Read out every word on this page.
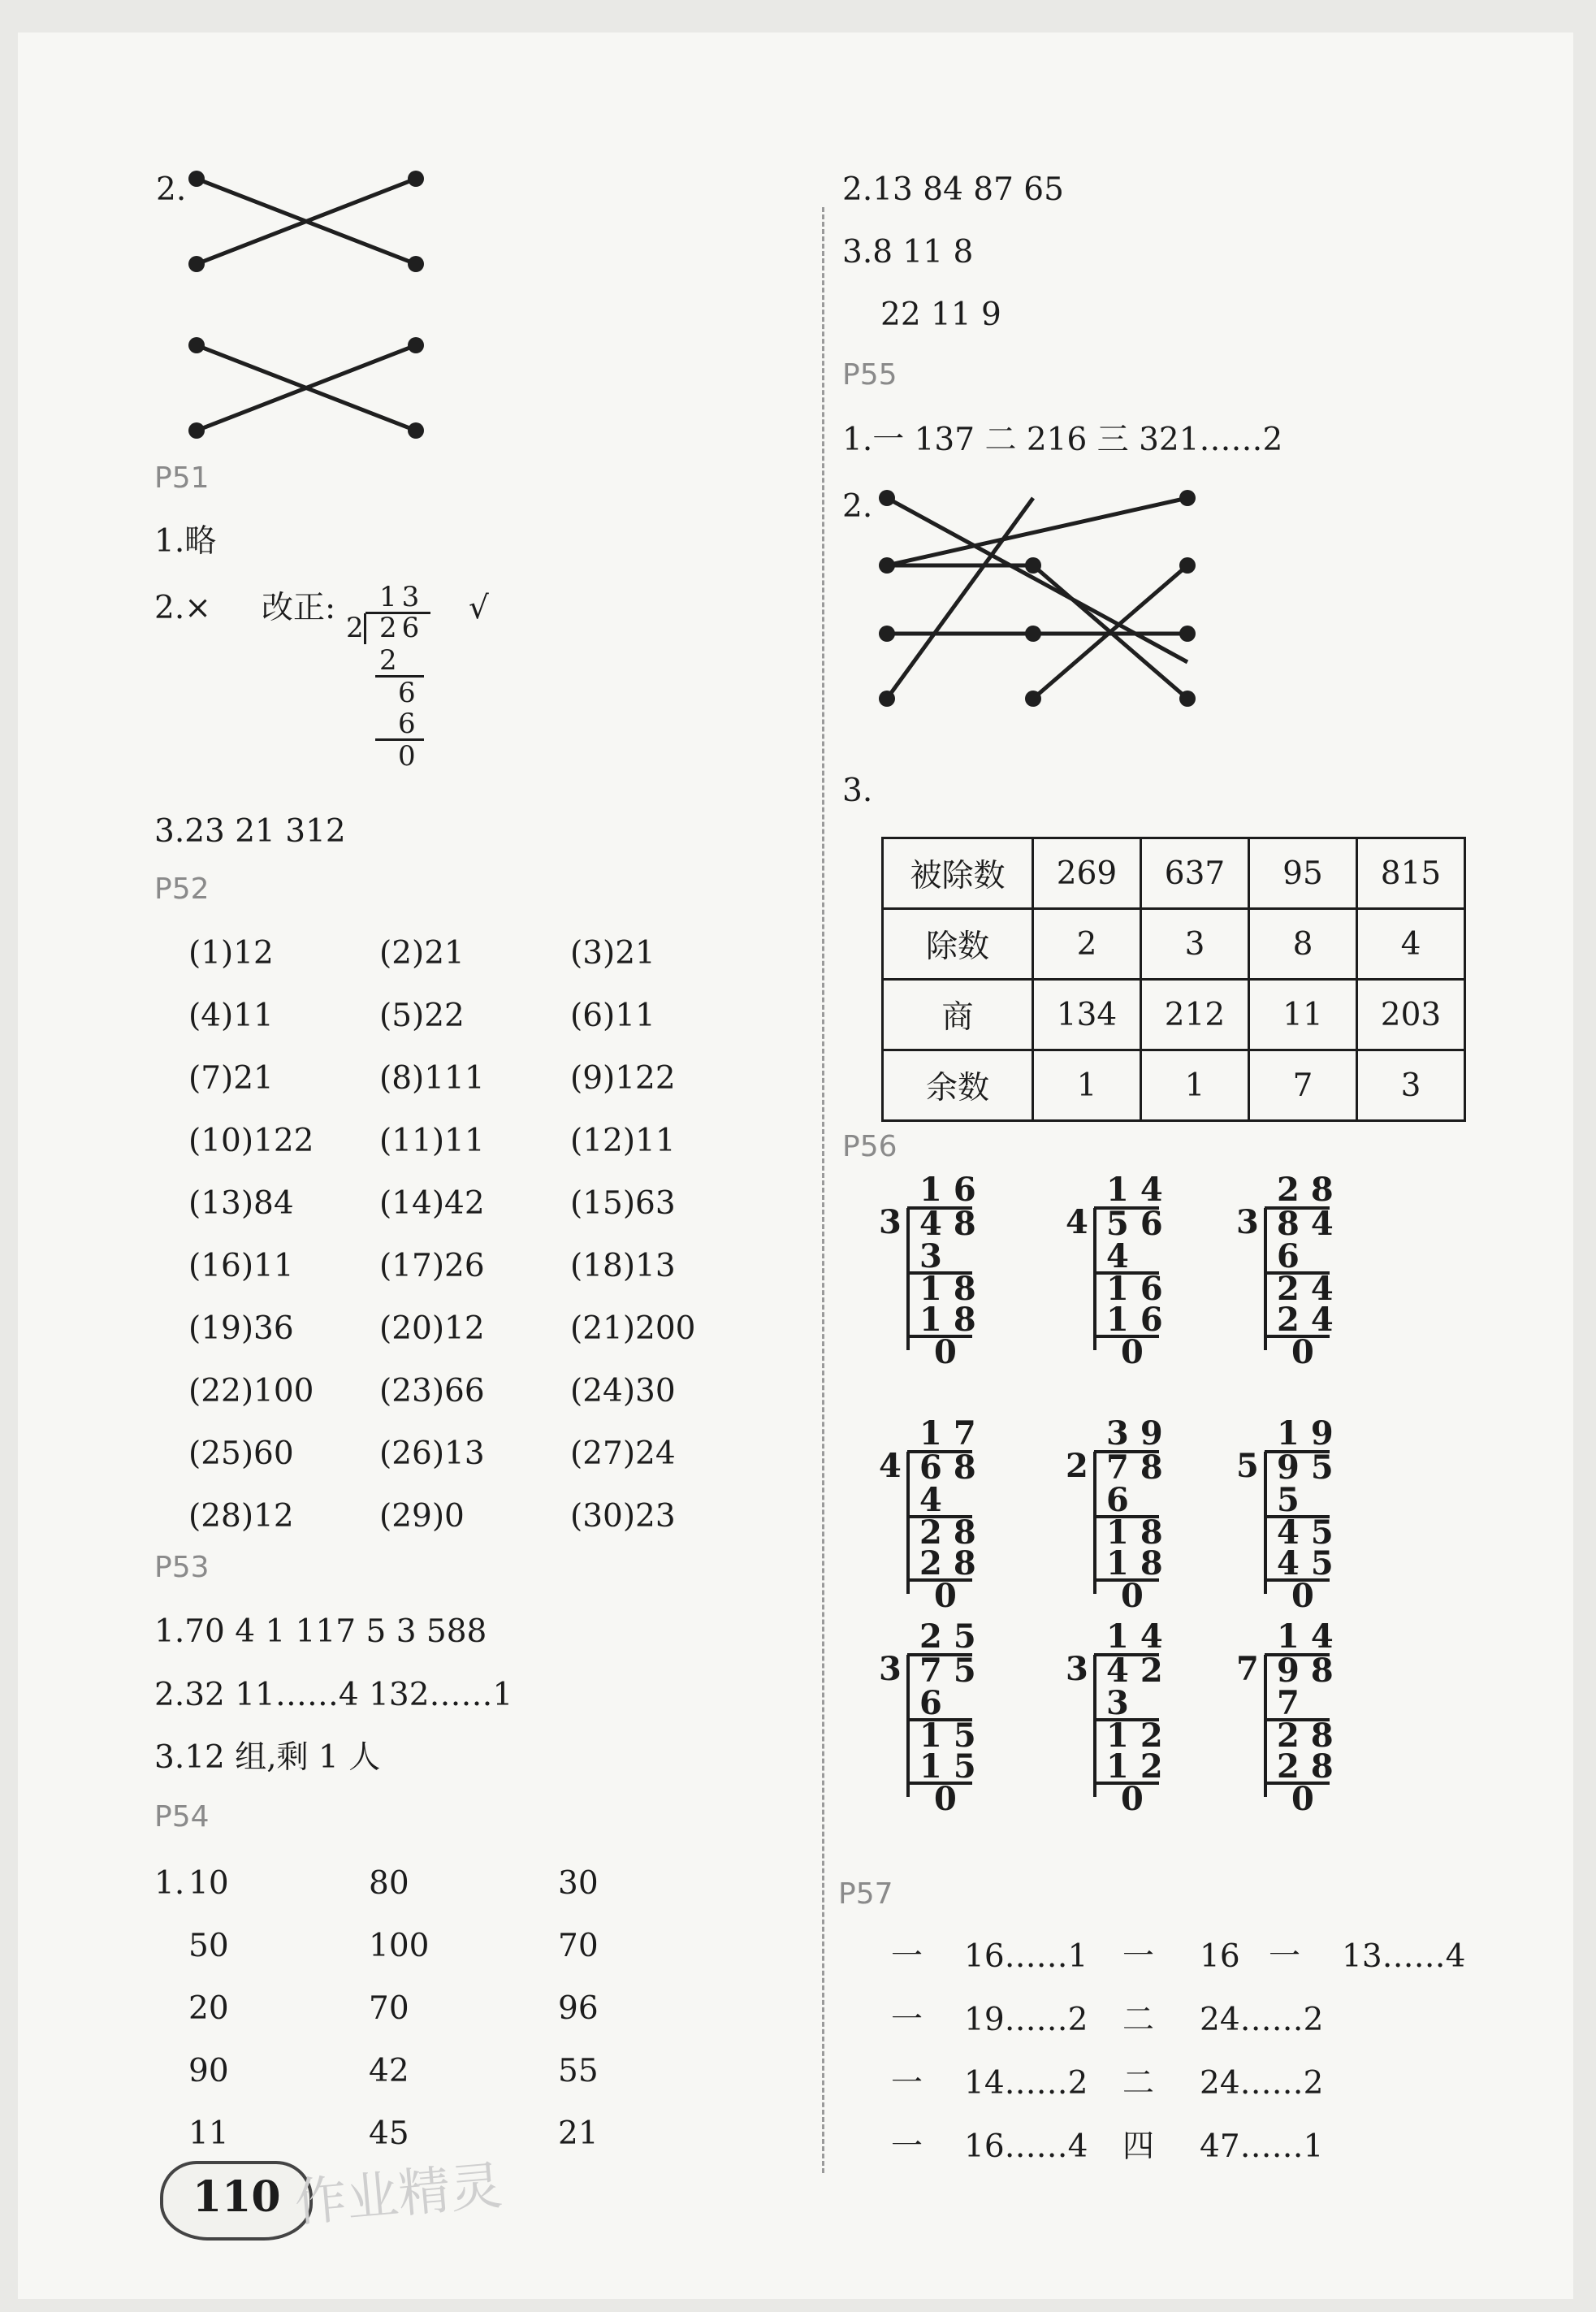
2.
P51
1.略
2.× 改正:	√
13
2 26
2
6
6
0
3.23 21 312
P52
(1)12	(2)21	(3)21
(4)11	(5)22	(6)11
(7)21	(8)111	(9)122
(10)122 (11)11	(12)11
(13)84	(14)42	(15)63
(16)11	(17)26	(18)13
(19)36	(20)12	(21)200
(22)100 (23)66	(24)30
(25)60	(26)13	(27)24
(28)12	(29)0	(30)23
P53
1.70 4 1 117 5 3 588
2.32 11……4 132……1
3.12 组,剩 1 人
P54
1. 10	80	30
50	100	70
20	70	96
90	42	55
11	45	21
2.13 84 87 65
3.8 11 8
22 11 9
P55
1.一 137 二 216 三 321……2
2.
3.
被除数	269	637	95	815
除数	2	3	8	4
商	134	212	11	203
余数	1	1	7	3
P56
16
3 48
3
18
18
0
14
4 56
4
16
16
0
28
3 84
6
24
24
0
17
4 68
4
28
28
0
39
2 78
6
18
18
0
19
5 95
5
45
45
0
25
3 75
6
15
15
0
14
3 42
3
12
12
0
14
7 98
7
28
28
0
P57
一 16……1 一 16 一 13……4
一 19……2 二 24……2
一 14……2 二 24……2
一 16……4 四 47……1
110 作业精灵
